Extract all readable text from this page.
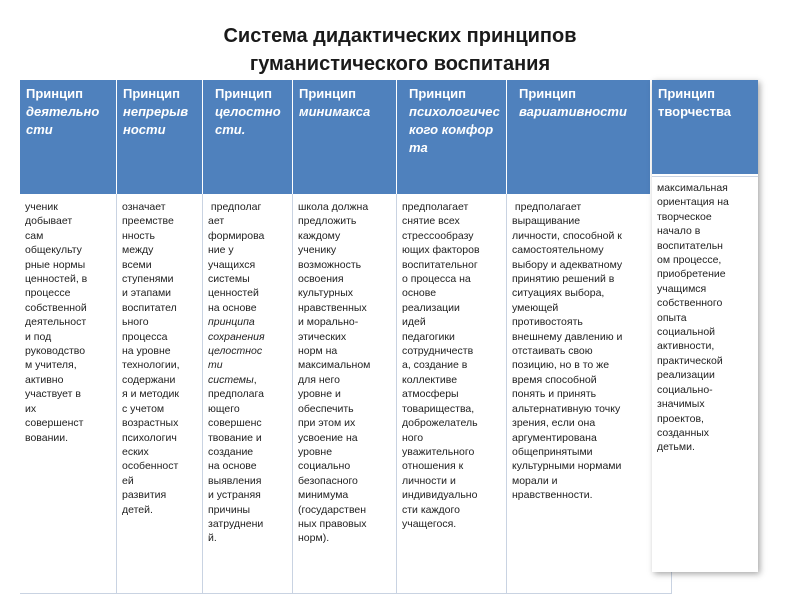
Система дидактических принципов
гуманистического воспитания
Принцип
деятельности
Принцип
непрерывности
Принцип
целостности.
Принцип
минимакса
Принцип
психологического комфорта
Принцип
вариативности
ученик
добывает
сам
общекульту
рные нормы
ценностей, в
процессе
собственной
деятельност
и под
руководство
м учителя,
активно
участвует в
их
совершенст
вовании.
означает
преемстве
нность
между
всеми
ступенями
и этапами
воспитател
ьного
процесса
на уровне
технологии,
содержани
я и методик
с учетом
возрастных
психологич
еских
особенност
ей
развития
детей.
предполаг
ает
формирова
ние у
учащихся
системы
ценностей
на основе
принципа
сохранения
целостнос
ти
системы,
предполага
ющего
совершенс
твование и
создание
на основе
выявления
и устраняя
причины
затруднени
й.
школа должна
предложить
каждому
ученику
возможность
освоения
культурных
нравственных
и морально-
этических
норм на
максимальном
для него
уровне и
обеспечить
при этом их
усвоение на
уровне
социально
безопасного
минимума
(государствен
ных правовых
норм).
предполагает
снятие всех
стрессообразу
ющих факторов
воспитательног
о процесса на
основе
реализации
идей
педагогики
сотрудничеств
а, создание в
коллективе
атмосферы
товарищества,
доброжелатель
ного
уважительного
отношения к
личности и
индивидуально
сти каждого
учащегося.
предполагает
выращивание
личности, способной к
самостоятельному
выбору и адекватному
принятию решений в
ситуациях выбора,
умеющей
противостоять
внешнему давлению и
отстаивать свою
позицию, но в то же
время способной
понять и принять
альтернативную точку
зрения, если она
аргументирована
общепринятыми
культурными нормами
морали и
нравственности.
Принцип
творчества
максимальная
ориентация на
творческое
начало в
воспитательн
ом процессе,
приобретение
учащимся
собственного
опыта
социальной
активности,
практической
реализации
социально-
значимых
проектов,
созданных
детьми.
